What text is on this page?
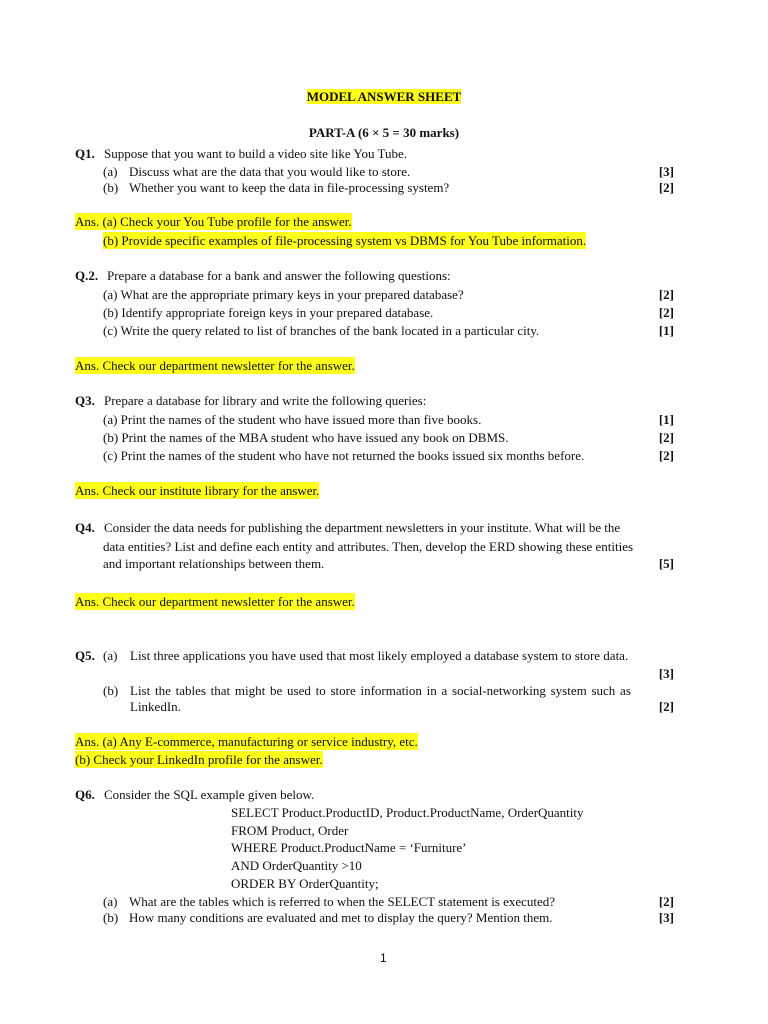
MODEL ANSWER SHEET
PART-A (6 × 5 = 30 marks)
Q1. Suppose that you want to build a video site like You Tube.
(a) Discuss what are the data that you would like to store.	[3]
(b) Whether you want to keep the data in file-processing system?	[2]
Ans. (a) Check your You Tube profile for the answer.
(b) Provide specific examples of file-processing system vs DBMS for You Tube information.
Q.2. Prepare a database for a bank and answer the following questions:
(a) What are the appropriate primary keys in your prepared database?	[2]
(b) Identify appropriate foreign keys in your prepared database.	[2]
(c) Write the query related to list of branches of the bank located in a particular city.	[1]
Ans. Check our department newsletter for the answer.
Q3. Prepare a database for library and write the following queries:
(a) Print the names of the student who have issued more than five books.	[1]
(b) Print the names of the MBA student who have issued any book on DBMS.	[2]
(c) Print the names of the student who have not returned the books issued six months before.	[2]
Ans. Check our institute library for the answer.
Q4. Consider the data needs for publishing the department newsletters in your institute. What will be the
data entities? List and define each entity and attributes. Then, develop the ERD showing these entities
and important relationships between them.	[5]
Ans. Check our department newsletter for the answer.
Q5. (a) List three applications you have used that most likely employed a database system to store data.
[3]
(b) List the tables that might be used to store information in a social-networking system such as
LinkedIn.	[2]
Ans. (a) Any E-commerce, manufacturing or service industry, etc.
(b) Check your LinkedIn profile for the answer.
Q6. Consider the SQL example given below.
SELECT Product.ProductID, Product.ProductName, OrderQuantity
FROM Product, Order
WHERE Product.ProductName = ‘Furniture’
AND OrderQuantity >10
ORDER BY OrderQuantity;
(a) What are the tables which is referred to when the SELECT statement is executed?	[2]
(b) How many conditions are evaluated and met to display the query? Mention them.	[3]
1
